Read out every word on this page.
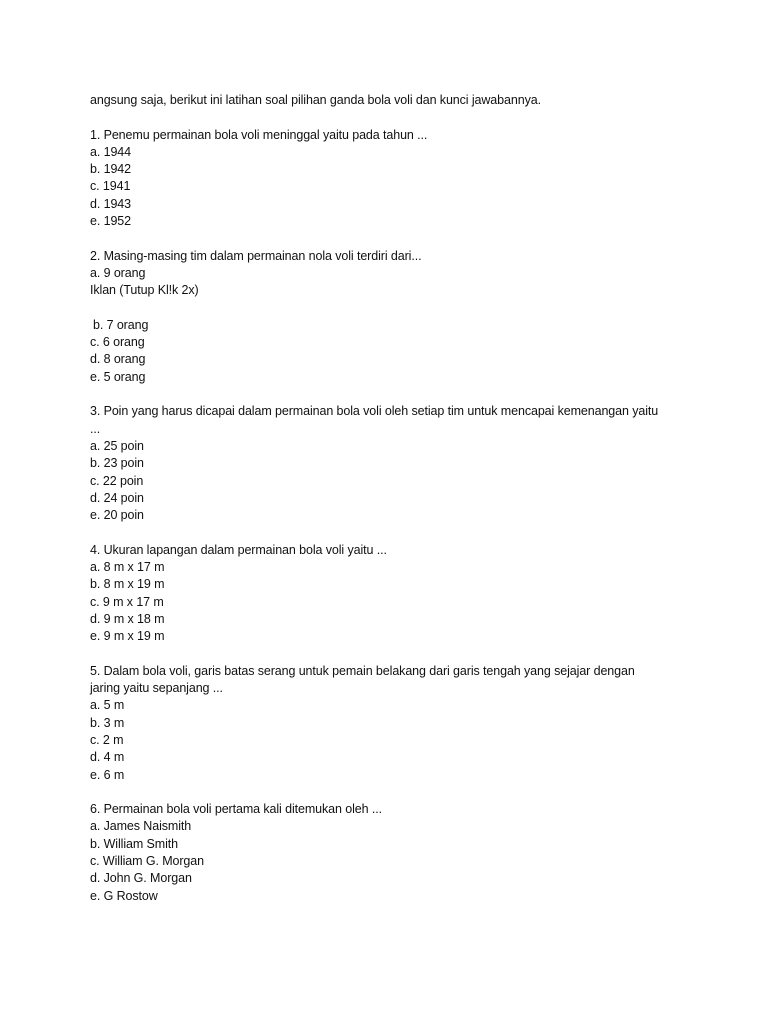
angsung saja, berikut ini latihan soal pilihan ganda bola voli dan kunci jawabannya.
1. Penemu permainan bola voli meninggal yaitu pada tahun ...
a. 1944
b. 1942
c. 1941
d. 1943
e. 1952
2. Masing-masing tim dalam permainan nola voli terdiri dari...
a. 9 orang
Iklan (Tutup Kl!k 2x)
b. 7 orang
c. 6 orang
d. 8 orang
e. 5 orang
3. Poin yang harus dicapai dalam permainan bola voli oleh setiap tim untuk mencapai kemenangan yaitu
...
a. 25 poin
b. 23 poin
c. 22 poin
d. 24 poin
e. 20 poin
4. Ukuran lapangan dalam permainan bola voli yaitu ...
a. 8 m x 17 m
b. 8 m x 19 m
c. 9 m x 17 m
d. 9 m x 18 m
e. 9 m x 19 m
5. Dalam bola voli, garis batas serang untuk pemain belakang dari garis tengah yang sejajar dengan
jaring yaitu sepanjang ...
a. 5 m
b. 3 m
c. 2 m
d. 4 m
e. 6 m
6. Permainan bola voli pertama kali ditemukan oleh ...
a. James Naismith
b. William Smith
c. William G. Morgan
d. John G. Morgan
e. G Rostow
